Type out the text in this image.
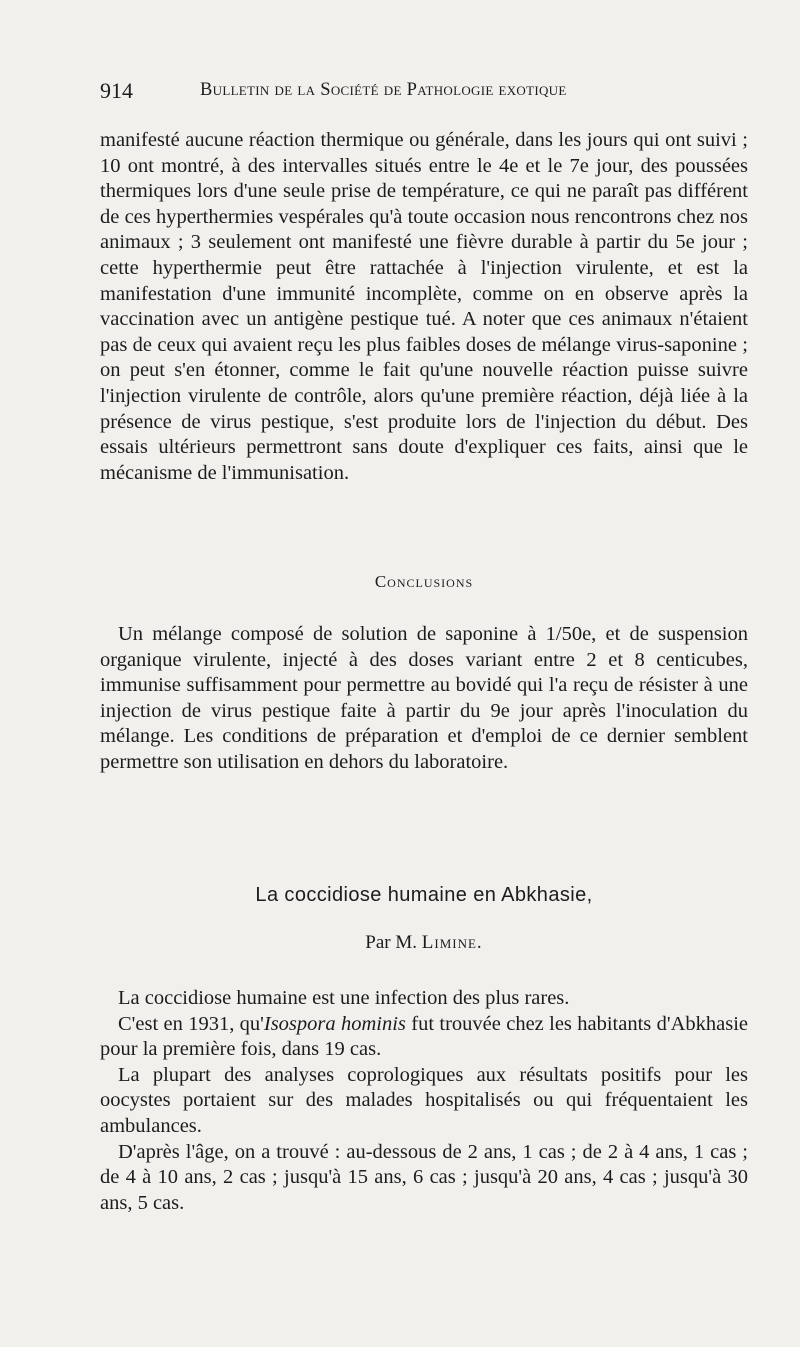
914	Bulletin de la Société de Pathologie exotique

manifesté aucune réaction thermique ou générale, dans les jours qui ont suivi ; 10 ont montré, à des intervalles situés entre le 4e et le 7e jour, des poussées thermiques lors d'une seule prise de température, ce qui ne paraît pas différent de ces hyperthermies vespérales qu'à toute occasion nous rencontrons chez nos animaux ; 3 seulement ont manifesté une fièvre durable à partir du 5e jour ; cette hyperthermie peut être rattachée à l'injection virulente, et est la manifestation d'une immunité incomplète, comme on en observe après la vaccination avec un antigène pestique tué. A noter que ces animaux n'étaient pas de ceux qui avaient reçu les plus faibles doses de mélange virus-saponine ; on peut s'en étonner, comme le fait qu'une nouvelle réaction puisse suivre l'injection virulente de contrôle, alors qu'une première réaction, déjà liée à la présence de virus pestique, s'est produite lors de l'injection du début. Des essais ultérieurs permettront sans doute d'expliquer ces faits, ainsi que le mécanisme de l'immunisation.

Conclusions

Un mélange composé de solution de saponine à 1/50e, et de suspension organique virulente, injecté à des doses variant entre 2 et 8 centicubes, immunise suffisamment pour permettre au bovidé qui l'a reçu de résister à une injection de virus pestique faite à partir du 9e jour après l'inoculation du mélange. Les conditions de préparation et d'emploi de ce dernier semblent permettre son utilisation en dehors du laboratoire.

La coccidiose humaine en Abkhasie,
Par M. Limine.

La coccidiose humaine est une infection des plus rares.

C'est en 1931, qu'Isospora hominis fut trouvée chez les habitants d'Abkhasie pour la première fois, dans 19 cas.

La plupart des analyses coprologiques aux résultats positifs pour les oocystes portaient sur des malades hospitalisés ou qui fréquentaient les ambulances.

D'après l'âge, on a trouvé : au-dessous de 2 ans, 1 cas ; de 2 à 4 ans, 1 cas ; de 4 à 10 ans, 2 cas ; jusqu'à 15 ans, 6 cas ; jusqu'à 20 ans, 4 cas ; jusqu'à 30 ans, 5 cas.
